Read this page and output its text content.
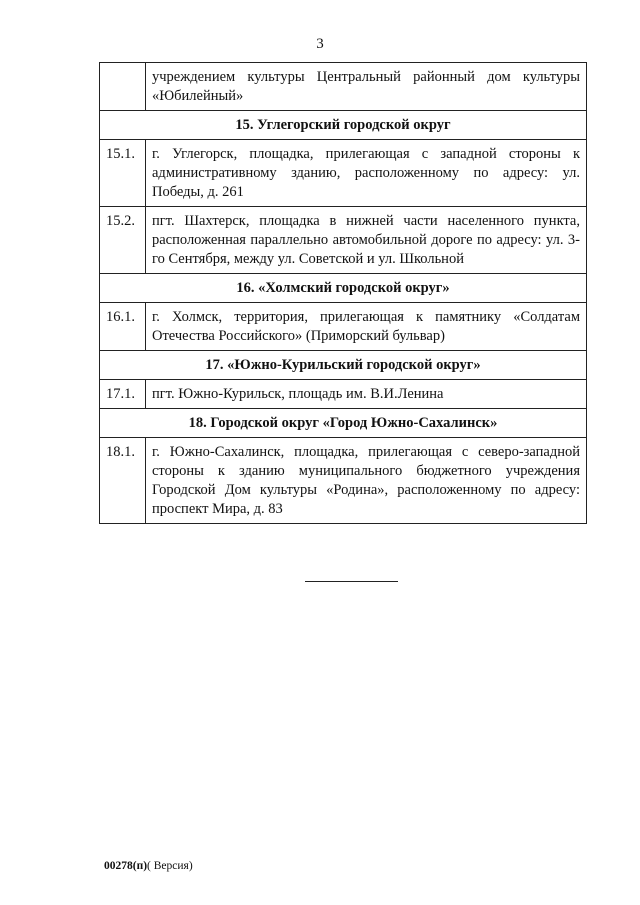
3
	учреждением культуры Центральный районный дом культуры «Юбилейный»
15. Углегорский городской округ	
15.1.	г. Углегорск, площадка, прилегающая с западной стороны к административному зданию, расположенному по адресу: ул. Победы, д. 261
15.2.	пгт. Шахтерск, площадка в нижней части населенного пункта, расположенная параллельно автомобильной дороге по адресу: ул. 3-го Сентября, между ул. Советской и ул. Школьной
16. «Холмский городской округ»	
16.1.	г. Холмск, территория, прилегающая к памятнику «Солдатам Отечества Российского» (Приморский бульвар)
17. «Южно-Курильский городской округ»	
17.1.	пгт. Южно-Курильск, площадь им. В.И.Ленина
18. Городской округ «Город Южно-Сахалинск»	
18.1.	г. Южно-Сахалинск, площадка, прилегающая с северо-западной стороны к зданию муниципального бюджетного учреждения Городской Дом культуры «Родина», расположенному по адресу: проспект Мира, д. 83
00278(п)( Версия)
